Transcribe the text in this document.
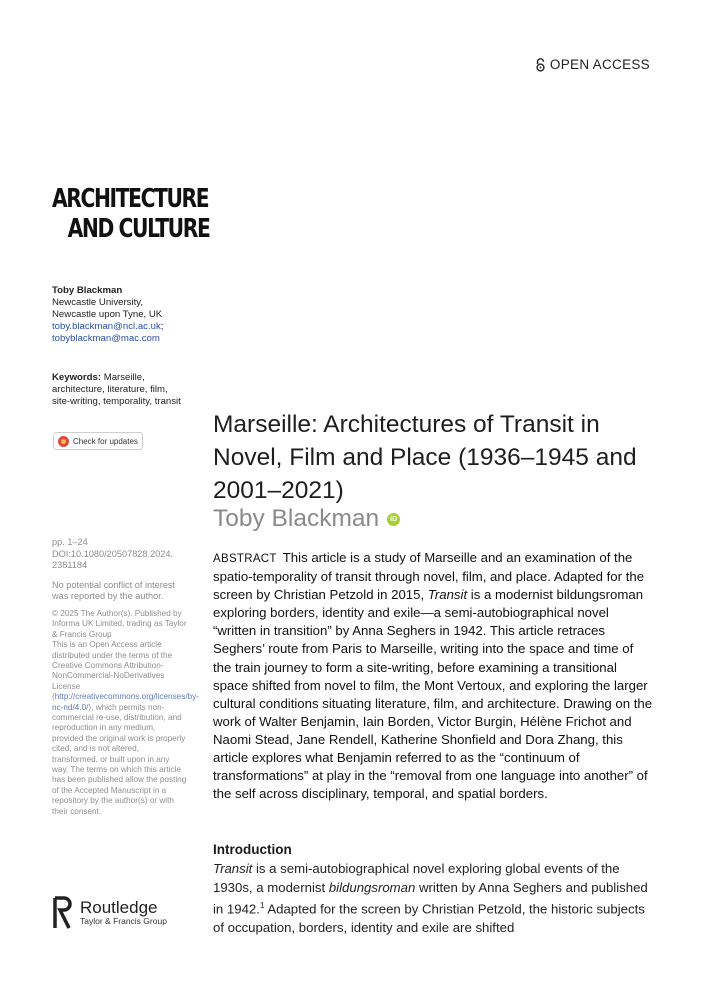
OPEN ACCESS
ARCHITECTURE
AND CULTURE
Toby Blackman
Newcastle University,
Newcastle upon Tyne, UK
toby.blackman@ncl.ac.uk;
tobyblackman@mac.com
Keywords: Marseille, architecture, literature, film, site-writing, temporality, transit
Check for updates
pp. 1–24
DOI:10.1080/20507828.2024.
2381184
No potential conflict of interest was reported by the author.
© 2025 The Author(s). Published by Informa UK Limited, trading as Taylor & Francis Group
This is an Open Access article distributed under the terms of the Creative Commons Attribution-NonCommercial-NoDerivatives License (http://creativecommons.org/licenses/by-nc-nd/4.0/), which permits non-commercial re-use, distribution, and reproduction in any medium, provided the original work is properly cited, and is not altered, transformed, or built upon in any way. The terms on which this article has been published allow the posting of the Accepted Manuscript in a repository by the author(s) or with their consent.
Routledge
Taylor & Francis Group
Marseille: Architectures of Transit in Novel, Film and Place (1936–1945 and 2001–2021)
Toby Blackman	iD
ABSTRACT This article is a study of Marseille and an examination of the spatio-temporality of transit through novel, film, and place. Adapted for the screen by Christian Petzold in 2015, Transit is a modernist bildungsroman exploring borders, identity and exile—a semi-autobiographical novel “written in transition” by Anna Seghers in 1942. This article retraces Seghers’ route from Paris to Marseille, writing into the space and time of the train journey to form a site-writing, before examining a transitional space shifted from novel to film, the Mont Vertoux, and exploring the larger cultural conditions situating literature, film, and architecture. Drawing on the work of Walter Benjamin, Iain Borden, Victor Burgin, Hélène Frichot and Naomi Stead, Jane Rendell, Katherine Shonfield and Dora Zhang, this article explores what Benjamin referred to as the “continuum of transformations” at play in the “removal from one language into another” of the self across disciplinary, temporal, and spatial borders.
Introduction
Transit is a semi-autobiographical novel exploring global events of the 1930s, a modernist bildungsroman written by Anna Seghers and published in 1942.$^1$ Adapted for the screen by Christian Petzold, the historic subjects of occupation, borders, identity and exile are shifted
